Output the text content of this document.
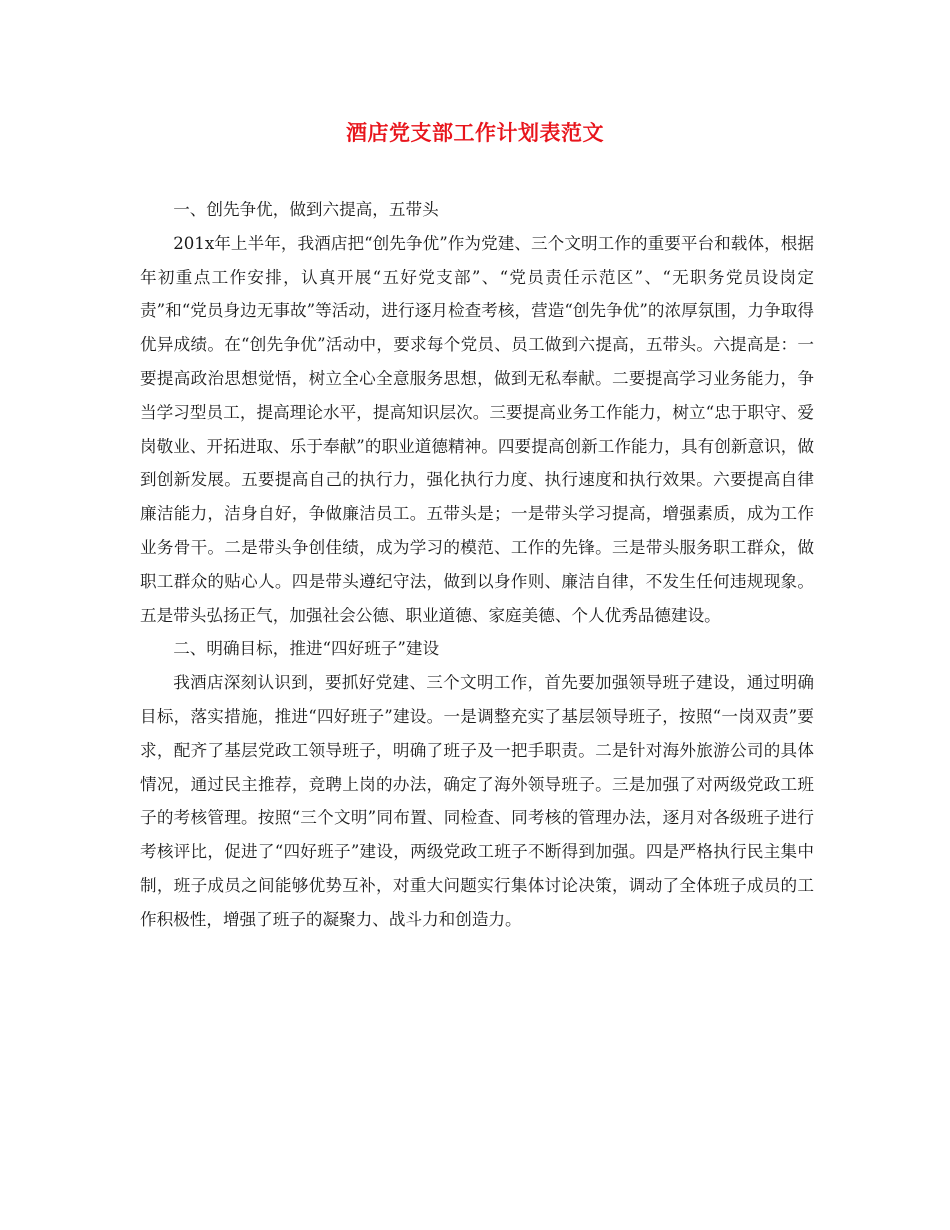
酒店党支部工作计划表范文

一、创先争优，做到六提高，五带头

201x年上半年，我酒店把“创先争优”作为党建、三个文明工作的重要平台和载体，根据年初重点工作安排，认真开展“五好党支部”、“党员责任示范区”、“无职务党员设岗定责”和“党员身边无事故”等活动，进行逐月检查考核，营造“创先争优”的浓厚氛围，力争取得优异成绩。在“创先争优”活动中，要求每个党员、员工做到六提高，五带头。六提高是：一要提高政治思想觉悟，树立全心全意服务思想，做到无私奉献。二要提高学习业务能力，争当学习型员工，提高理论水平，提高知识层次。三要提高业务工作能力，树立“忠于职守、爱岗敬业、开拓进取、乐于奉献”的职业道德精神。四要提高创新工作能力，具有创新意识，做到创新发展。五要提高自己的执行力，强化执行力度、执行速度和执行效果。六要提高自律廉洁能力，洁身自好，争做廉洁员工。五带头是；一是带头学习提高，增强素质，成为工作业务骨干。二是带头争创佳绩，成为学习的模范、工作的先锋。三是带头服务职工群众，做职工群众的贴心人。四是带头遵纪守法，做到以身作则、廉洁自律，不发生任何违规现象。五是带头弘扬正气，加强社会公德、职业道德、家庭美德、个人优秀品德建设。

二、明确目标，推进“四好班子”建设

我酒店深刻认识到，要抓好党建、三个文明工作，首先要加强领导班子建设，通过明确目标，落实措施，推进“四好班子”建设。一是调整充实了基层领导班子，按照“一岗双责”要求，配齐了基层党政工领导班子，明确了班子及一把手职责。二是针对海外旅游公司的具体情况，通过民主推荐，竞聘上岗的办法，确定了海外领导班子。三是加强了对两级党政工班子的考核管理。按照“三个文明”同布置、同检查、同考核的管理办法，逐月对各级班子进行考核评比，促进了“四好班子”建设，两级党政工班子不断得到加强。四是严格执行民主集中制，班子成员之间能够优势互补，对重大问题实行集体讨论决策，调动了全体班子成员的工作积极性，增强了班子的凝聚力、战斗力和创造力。
